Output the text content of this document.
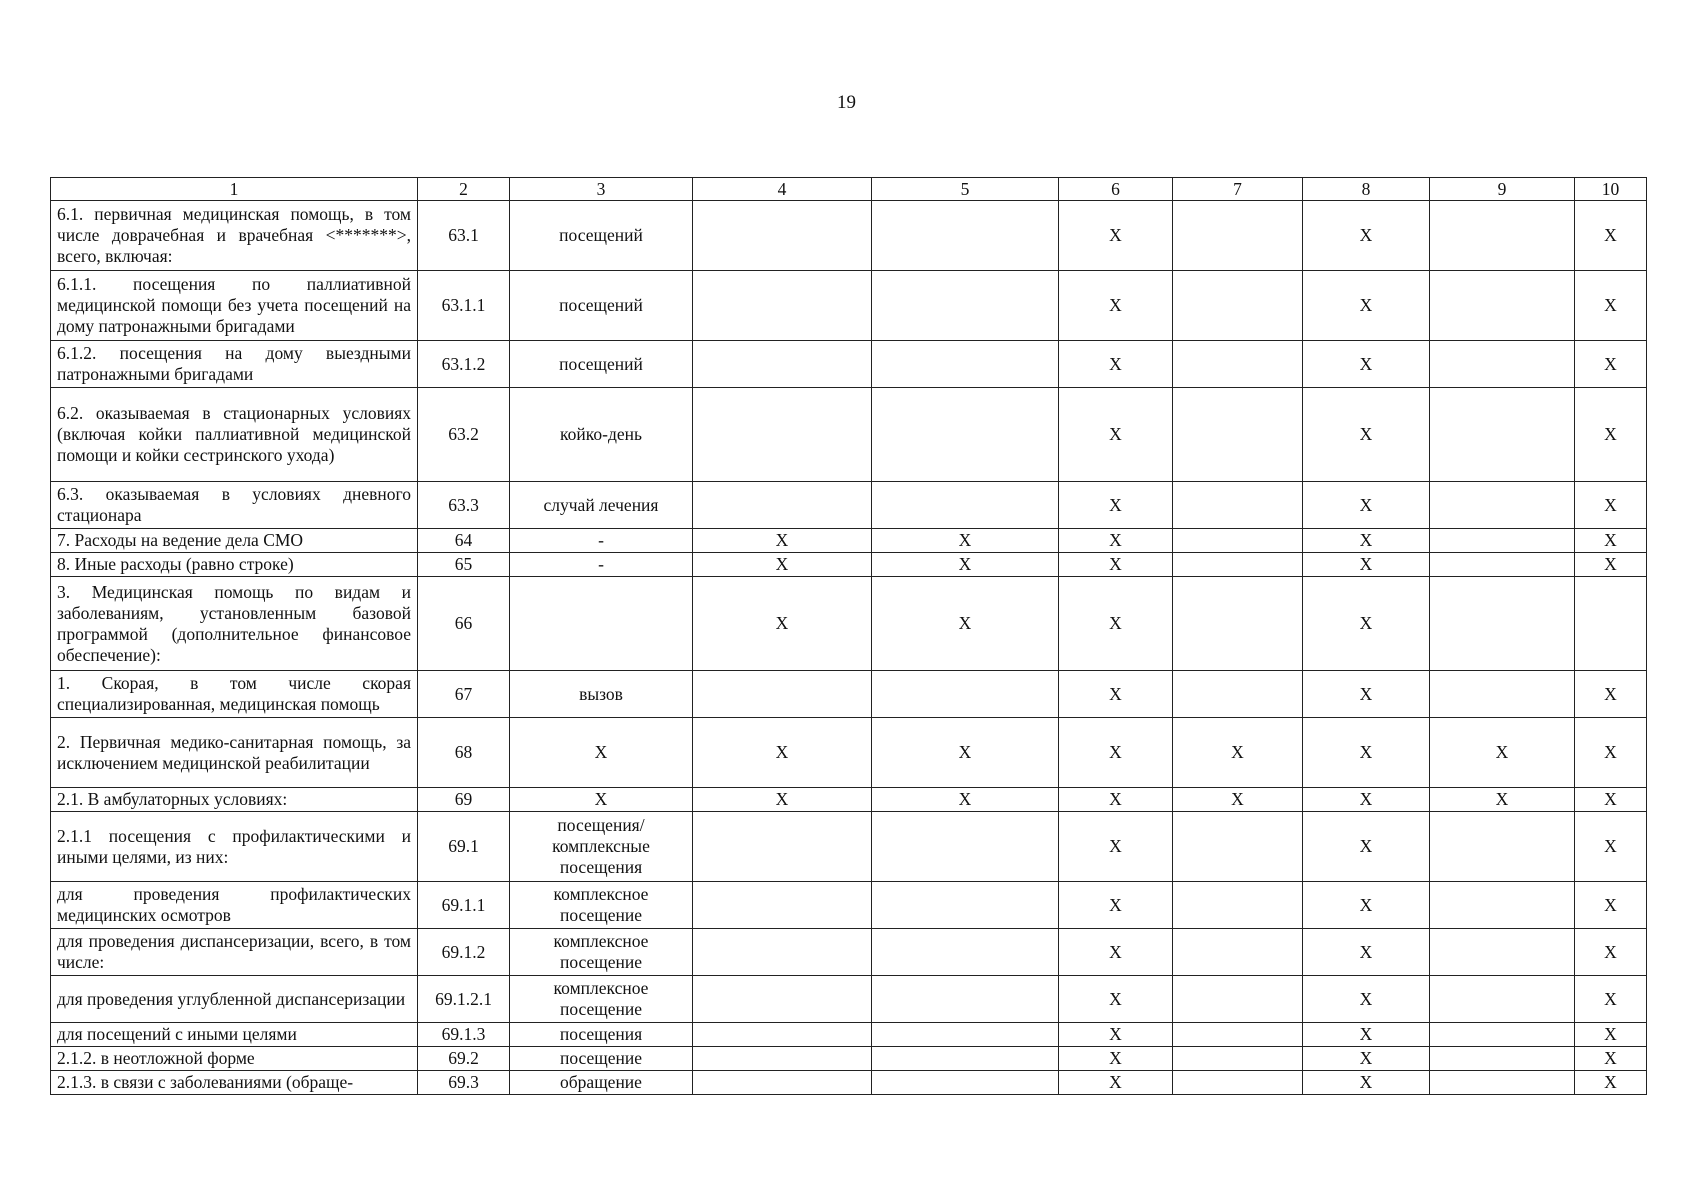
19
1	2	3	4	5	6	7	8	9	10
6.1. первичная медицинская помощь, в том числе доврачебная и врачебная <*******>, всего, включая:	63.1	посещений			X		X		X
6.1.1. посещения по паллиативной медицинской помощи без учета посещений на дому патронажными бригадами	63.1.1	посещений			X		X		X
6.1.2. посещения на дому выездными патронажными бригадами	63.1.2	посещений			X		X		X
6.2. оказываемая в стационарных условиях (включая койки паллиативной медицинской помощи и койки сестринского ухода)	63.2	койко-день			X		X		X
6.3. оказываемая в условиях дневного стационара	63.3	случай лечения			X		X		X
7. Расходы на ведение дела СМО	64	-	X	X	X		X		X
8. Иные расходы (равно строке)	65	-	X	X	X		X		X
3. Медицинская помощь по видам и заболеваниям, установленным базовой программой (дополнительное финансовое обеспечение):	66		X	X	X		X		
1. Скорая, в том числе скорая специализированная, медицинская помощь	67	вызов			X		X		X
2. Первичная медико-санитарная помощь, за исключением медицинской реабилитации	68	X	X	X	X	X	X	X	X
2.1. В амбулаторных условиях:	69	X	X	X	X	X	X	X	X
2.1.1 посещения с профилактическими и иными целями, из них:	69.1	посещения/комплексные посещения			X		X		X
для проведения профилактических медицинских осмотров	69.1.1	комплексное посещение			X		X		X
для проведения диспансеризации, всего, в том числе:	69.1.2	комплексное посещение			X		X		X
для проведения углубленной диспансеризации	69.1.2.1	комплексное посещение			X		X		X
для посещений с иными целями	69.1.3	посещения			X		X		X
2.1.2. в неотложной форме	69.2	посещение			X		X		X
2.1.3. в связи с заболеваниями (обраще-	69.3	обращение			X		X		X
